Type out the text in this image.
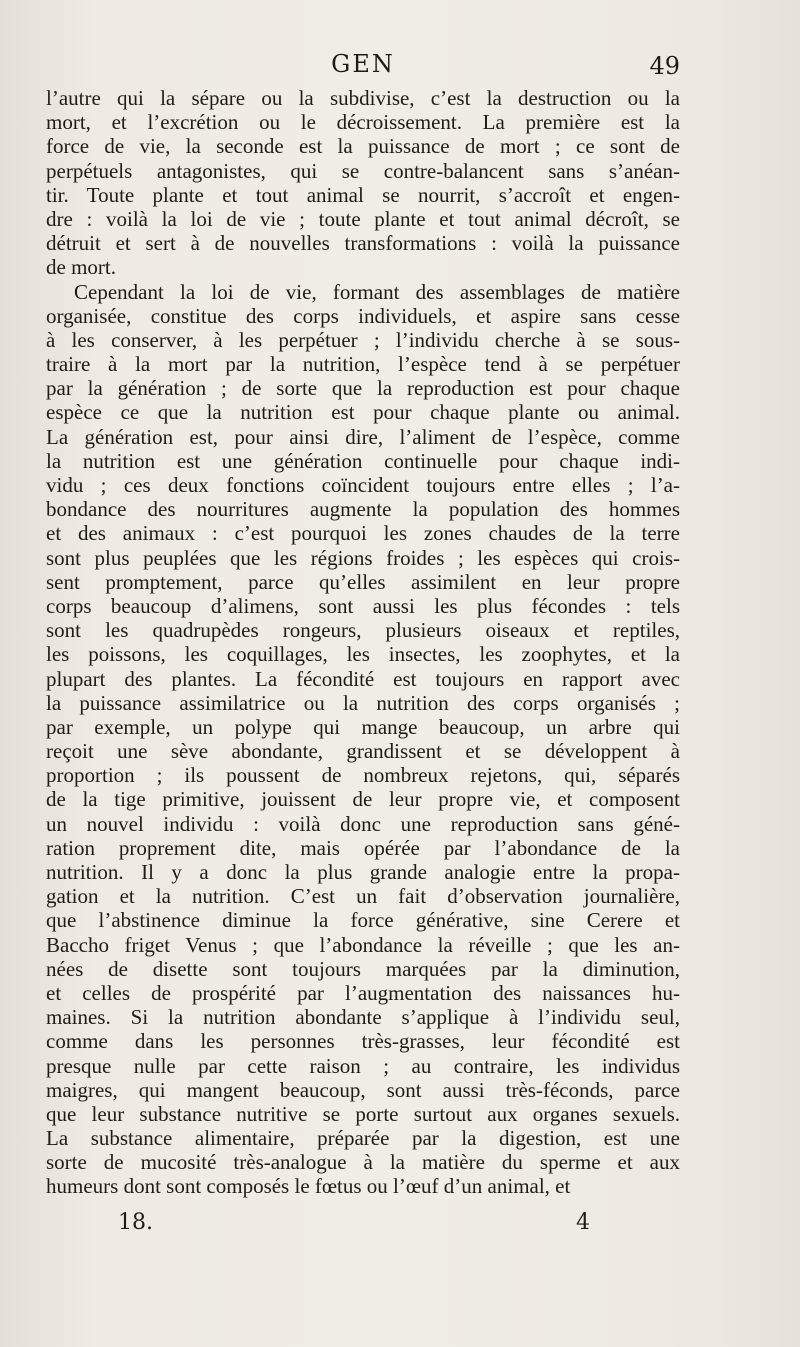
GEN	49
l’autre qui la sépare ou la subdivise, c’est la destruction ou la
mort, et l’excrétion ou le décroissement. La première est la
force de vie, la seconde est la puissance de mort ; ce sont de
perpétuels antagonistes, qui se contre-balancent sans s’anéan-
tir. Toute plante et tout animal se nourrit, s’accroît et engen-
dre : voilà la loi de vie ; toute plante et tout animal décroît, se
détruit et sert à de nouvelles transformations : voilà la puissance
de mort.
Cependant la loi de vie, formant des assemblages de matière
organisée, constitue des corps individuels, et aspire sans cesse
à les conserver, à les perpétuer ; l’individu cherche à se sous-
traire à la mort par la nutrition, l’espèce tend à se perpétuer
par la génération ; de sorte que la reproduction est pour chaque
espèce ce que la nutrition est pour chaque plante ou animal.
La génération est, pour ainsi dire, l’aliment de l’espèce, comme
la nutrition est une génération continuelle pour chaque indi-
vidu ; ces deux fonctions coïncident toujours entre elles ; l’a-
bondance des nourritures augmente la population des hommes
et des animaux : c’est pourquoi les zones chaudes de la terre
sont plus peuplées que les régions froides ; les espèces qui crois-
sent promptement, parce qu’elles assimilent en leur propre
corps beaucoup d’alimens, sont aussi les plus fécondes : tels
sont les quadrupèdes rongeurs, plusieurs oiseaux et reptiles,
les poissons, les coquillages, les insectes, les zoophytes, et la
plupart des plantes. La fécondité est toujours en rapport avec
la puissance assimilatrice ou la nutrition des corps organisés ;
par exemple, un polype qui mange beaucoup, un arbre qui
reçoit une sève abondante, grandissent et se développent à
proportion ; ils poussent de nombreux rejetons, qui, séparés
de la tige primitive, jouissent de leur propre vie, et composent
un nouvel individu : voilà donc une reproduction sans géné-
ration proprement dite, mais opérée par l’abondance de la
nutrition. Il y a donc la plus grande analogie entre la propa-
gation et la nutrition. C’est un fait d’observation journalière,
que l’abstinence diminue la force générative, sine Cerere et
Baccho friget Venus ; que l’abondance la réveille ; que les an-
nées de disette sont toujours marquées par la diminution,
et celles de prospérité par l’augmentation des naissances hu-
maines. Si la nutrition abondante s’applique à l’individu seul,
comme dans les personnes très-grasses, leur fécondité est
presque nulle par cette raison ; au contraire, les individus
maigres, qui mangent beaucoup, sont aussi très-féconds, parce
que leur substance nutritive se porte surtout aux organes sexuels.
La substance alimentaire, préparée par la digestion, est une
sorte de mucosité très-analogue à la matière du sperme et aux
humeurs dont sont composés le fœtus ou l’œuf d’un animal, et
18.	4
